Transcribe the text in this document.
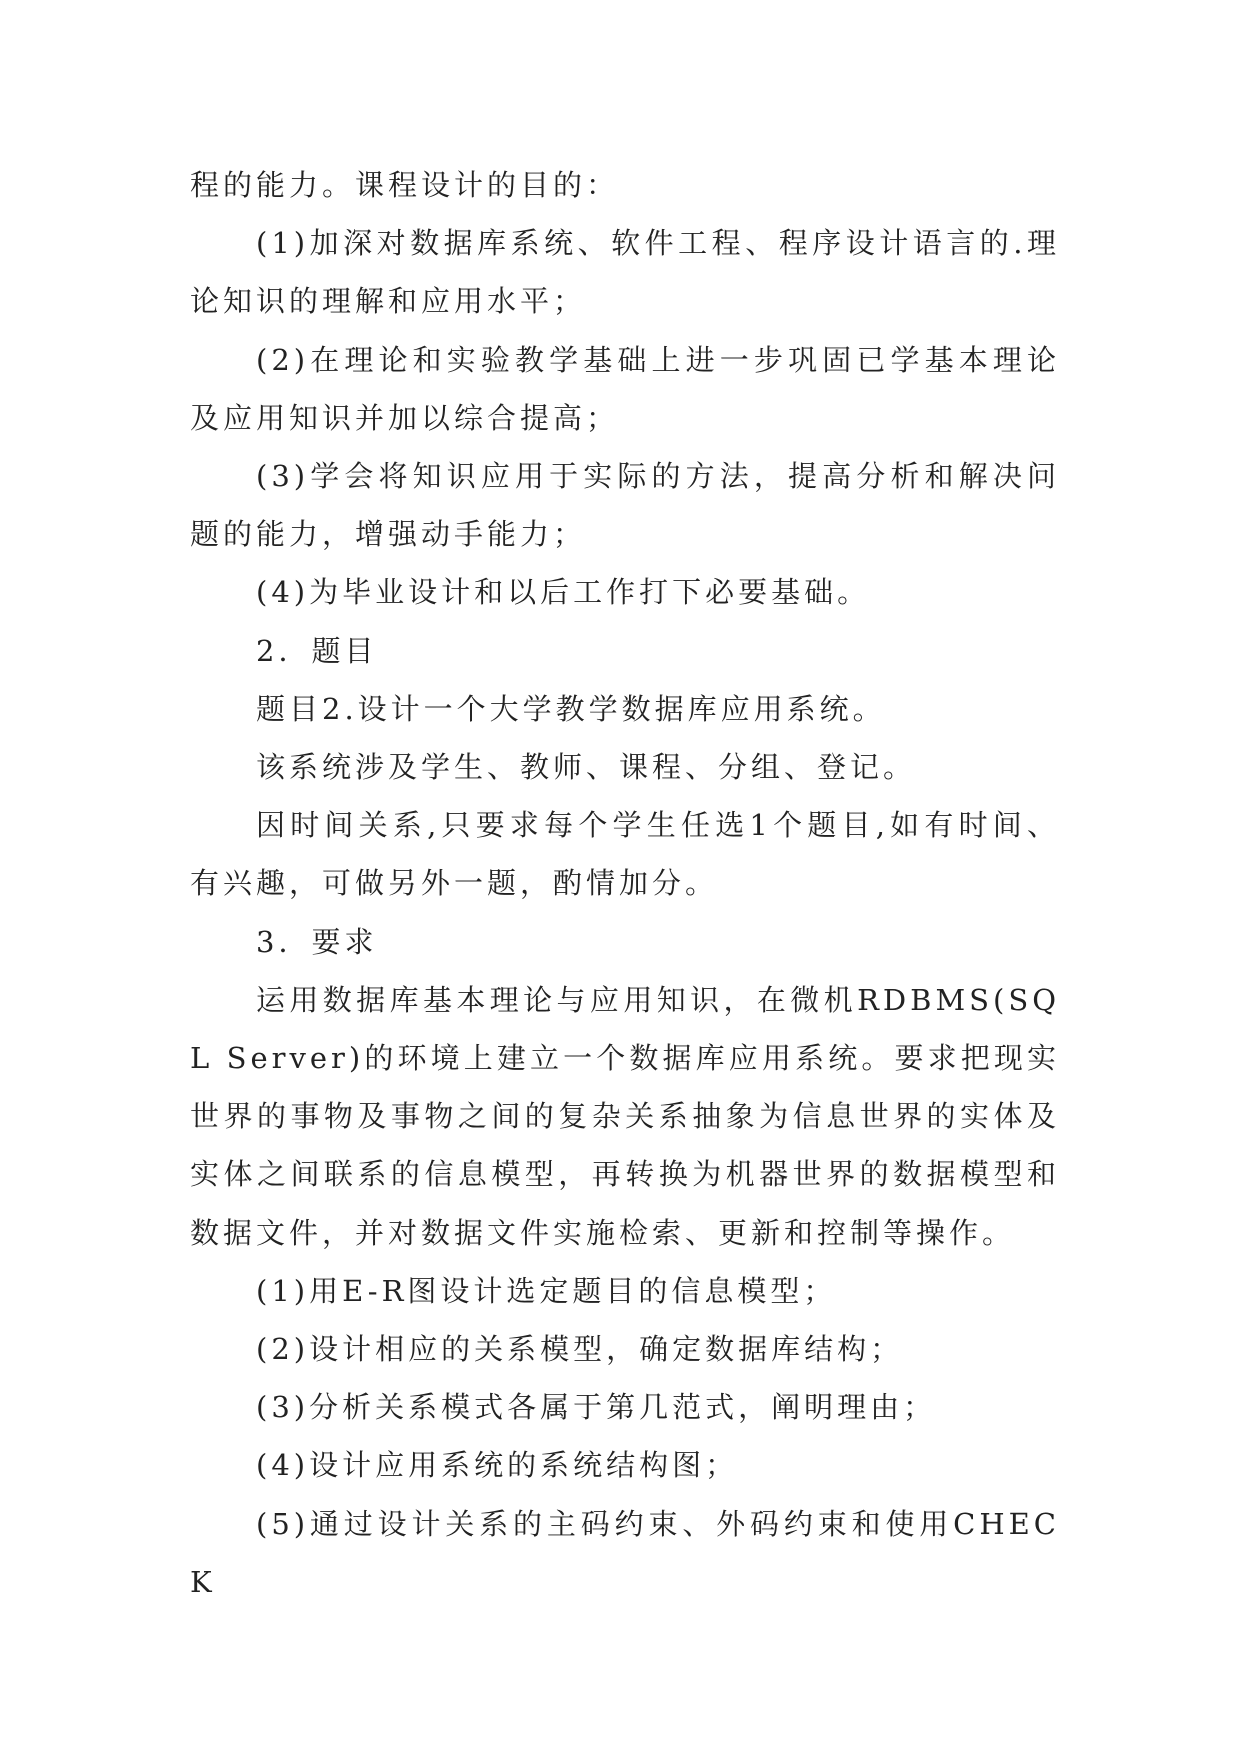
程的能力。课程设计的目的：

(1)加深对数据库系统、软件工程、程序设计语言的.理论知识的理解和应用水平；

(2)在理论和实验教学基础上进一步巩固已学基本理论及应用知识并加以综合提高；

(3)学会将知识应用于实际的方法，提高分析和解决问题的能力，增强动手能力；

(4)为毕业设计和以后工作打下必要基础。

2．题目

题目2.设计一个大学教学数据库应用系统。

该系统涉及学生、教师、课程、分组、登记。

因时间关系,只要求每个学生任选1个题目,如有时间、有兴趣，可做另外一题，酌情加分。

3．要求

运用数据库基本理论与应用知识，在微机RDBMS(SQL Server)的环境上建立一个数据库应用系统。要求把现实世界的事物及事物之间的复杂关系抽象为信息世界的实体及实体之间联系的信息模型，再转换为机器世界的数据模型和数据文件，并对数据文件实施检索、更新和控制等操作。

(1)用E-R图设计选定题目的信息模型；

(2)设计相应的关系模型，确定数据库结构；

(3)分析关系模式各属于第几范式，阐明理由；

(4)设计应用系统的系统结构图；

(5)通过设计关系的主码约束、外码约束和使用CHECK
